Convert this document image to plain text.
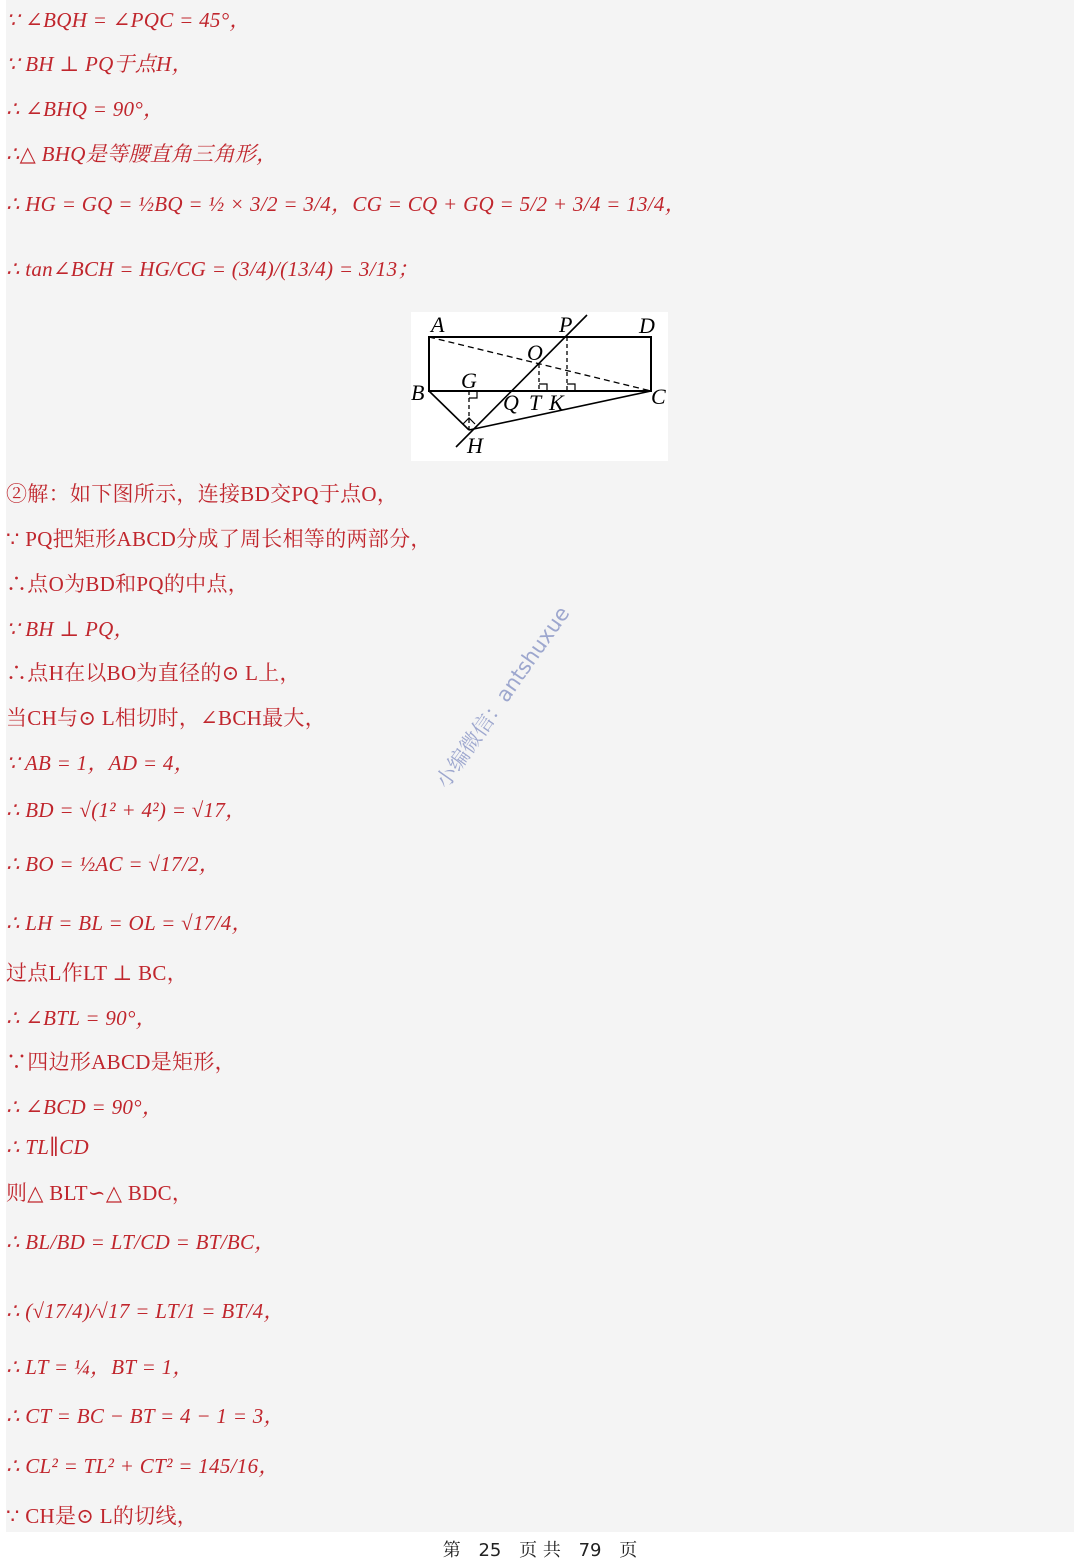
∵ ∠BQH = ∠PQC = 45°，
∵ BH ⊥ PQ于点H，
∴ ∠BHQ = 90°，
∴△ BHQ是等腰直角三角形，
∴ HG = GQ = ½BQ = ½ × 3/2 = 3/4，CG = CQ + GQ = 5/2 + 3/4 = 13/4，
∴ tan∠BCH = HG/CG = (3/4)/(13/4) = 3/13；
A	P	D
O
B G
Q T K	C
H
②解：如下图所示，连接BD交PQ于点O，
∵ PQ把矩形ABCD分成了周长相等的两部分，
∴点O为BD和PQ的中点，
∵ BH ⊥ PQ，
∴点H在以BO为直径的⊙ L上，
当CH与⊙ L相切时，∠BCH最大，
∵ AB = 1，AD = 4，
∴ BD = √(1² + 4²) = √17，
∴ BO = ½AC = √17/2，
∴ LH = BL = OL = √17/4，
过点L作LT ⊥ BC，
∴ ∠BTL = 90°，
∵四边形ABCD是矩形，
∴ ∠BCD = 90°，
∴ TL∥CD
则△ BLT∽△ BDC，
∴ BL/BD = LT/CD = BT/BC，
∴ (√17/4)/√17 = LT/1 = BT/4，
∴ LT = ¼，BT = 1，
∴ CT = BC − BT = 4 − 1 = 3，
∴ CL² = TL² + CT² = 145/16，
∵ CH是⊙ L的切线，
小编微信：antshuxue
第 25 页 共 79 页
